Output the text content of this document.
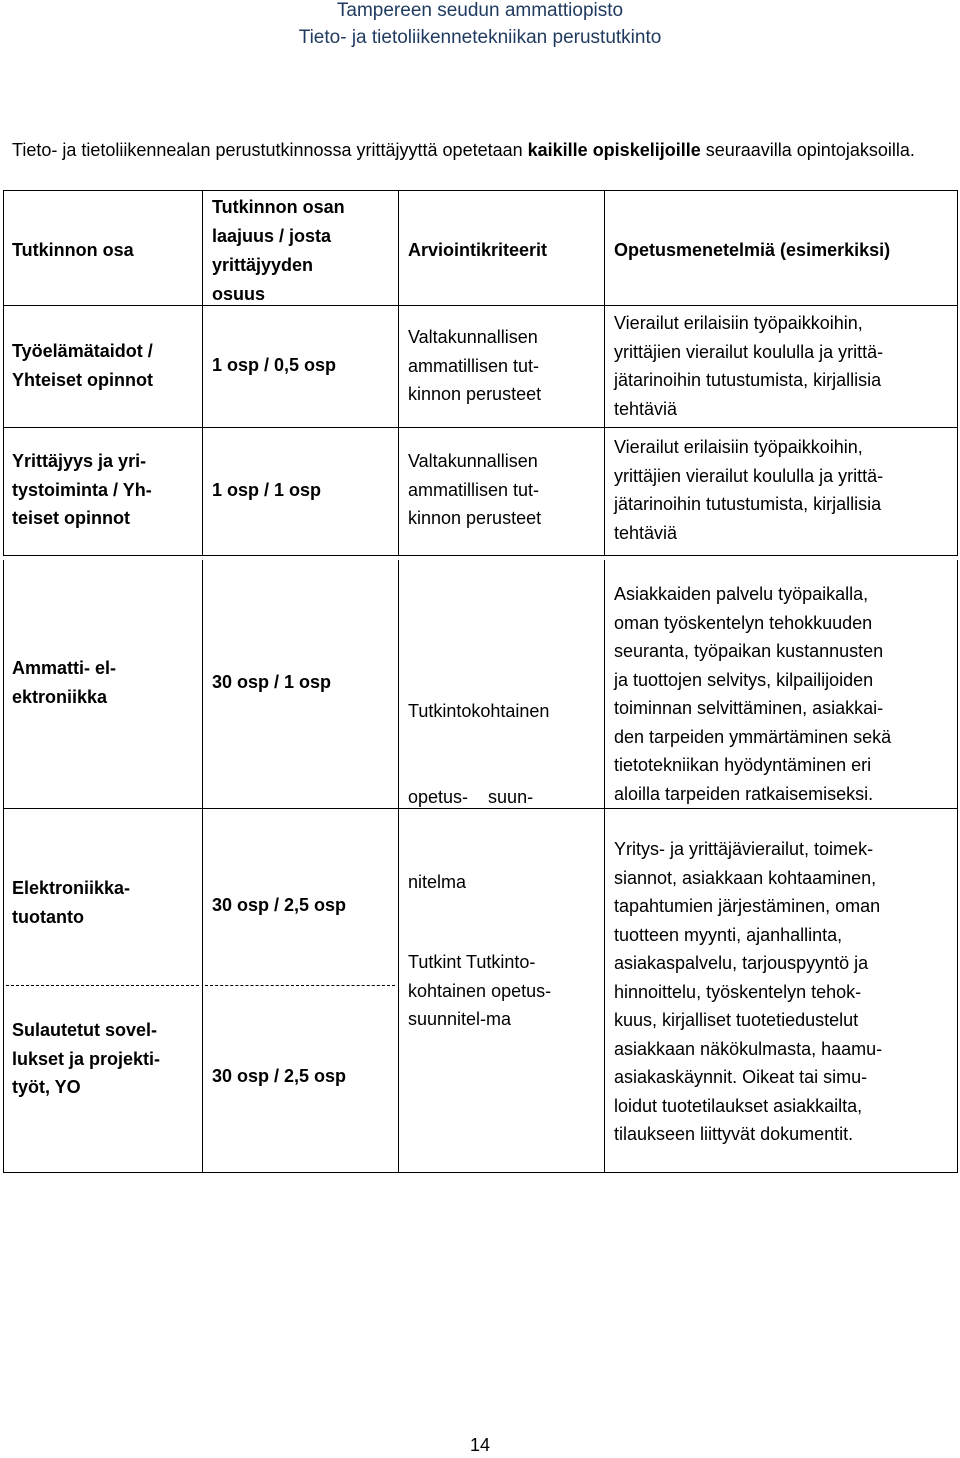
Tampereen seudun ammattiopisto
Tieto- ja tietoliikennetekniikan perustutkinto
Tieto- ja tietoliikennealan perustutkinnossa yrittäjyyttä opetetaan kaikille opiskelijoille seuraavilla opintojaksoilla.
Tutkinnon osa
Tutkinnon osan
laajuus / josta
yrittäjyyden
osuus
Arviointikriteerit	Opetusmenetelmiä (esimerkiksi)
Työelämätaidot /
Yhteiset opinnot
1 osp / 0,5 osp
Valtakunnallisen
ammatillisen tut-
kinnon perusteet
Vierailut erilaisiin työpaikkoihin,
yrittäjien vierailut koululla ja yrittä-
jätarinoihin tutustumista, kirjallisia
tehtäviä
Yrittäjyys ja yri-
tystoiminta / Yh-
teiset opinnot
1 osp / 1 osp
Valtakunnallisen
ammatillisen tut-
kinnon perusteet
Vierailut erilaisiin työpaikkoihin,
yrittäjien vierailut koululla ja yrittä-
jätarinoihin tutustumista, kirjallisia
tehtäviä
Ammatti- el-
ektroniikka
30 osp / 1 osp

Tutkintokohtainen

opetus-    suun-

nitelma

Asiakkaiden palvelu työpaikalla,
oman työskentelyn tehokkuuden
seuranta, työpaikan kustannusten
ja tuottojen selvitys, kilpailijoiden
toiminnan selvittäminen, asiakkai-
den tarpeiden ymmärtäminen sekä
tietotekniikan hyödyntäminen eri
aloilla tarpeiden ratkaisemiseksi.
Elektroniikka-
tuotanto
30 osp / 2,5 osp
Sulautetut sovel-
lukset ja projekti-
työt, YO
30 osp / 2,5 osp
Tutkint Tutkinto-
kohtainen opetus-
suunnitel-ma
Yritys- ja yrittäjävierailut, toimek-
siannot, asiakkaan kohtaaminen,
tapahtumien järjestäminen, oman
tuotteen myynti, ajanhallinta,
asiakaspalvelu, tarjouspyyntö ja
hinnoittelu, työskentelyn tehok-
kuus, kirjalliset tuotetiedustelut
asiakkaan näkökulmasta, haamu-
asiakaskäynnit. Oikeat tai simu-
loidut tuotetilaukset asiakkailta,
tilaukseen liittyvät dokumentit.
14
